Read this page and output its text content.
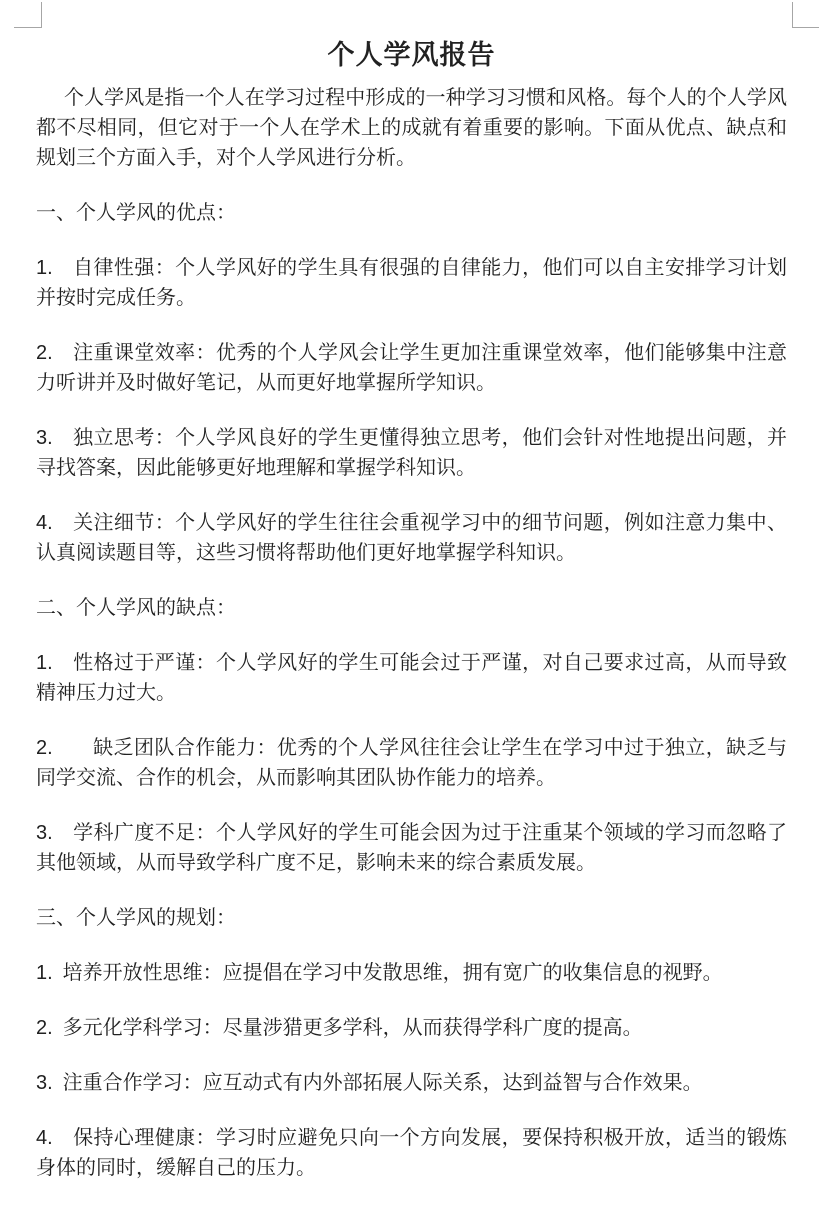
个人学风报告

个人学风是指一个人在学习过程中形成的一种学习习惯和风格。每个人的个人学风都不尽相同，但它对于一个人在学术上的成就有着重要的影响。下面从优点、缺点和规划三个方面入手，对个人学风进行分析。

一、个人学风的优点：

1.  自律性强：个人学风好的学生具有很强的自律能力，他们可以自主安排学习计划并按时完成任务。

2.  注重课堂效率：优秀的个人学风会让学生更加注重课堂效率，他们能够集中注意力听讲并及时做好笔记，从而更好地掌握所学知识。

3.  独立思考：个人学风良好的学生更懂得独立思考，他们会针对性地提出问题，并寻找答案，因此能够更好地理解和掌握学科知识。

4.  关注细节：个人学风好的学生往往会重视学习中的细节问题，例如注意力集中、认真阅读题目等，这些习惯将帮助他们更好地掌握学科知识。

二、个人学风的缺点：

1.  性格过于严谨：个人学风好的学生可能会过于严谨，对自己要求过高，从而导致精神压力过大。

2.    缺乏团队合作能力：优秀的个人学风往往会让学生在学习中过于独立，缺乏与同学交流、合作的机会，从而影响其团队协作能力的培养。

3.  学科广度不足：个人学风好的学生可能会因为过于注重某个领域的学习而忽略了其他领域，从而导致学科广度不足，影响未来的综合素质发展。

三、个人学风的规划：

1. 培养开放性思维：应提倡在学习中发散思维，拥有宽广的收集信息的视野。

2. 多元化学科学习：尽量涉猎更多学科，从而获得学科广度的提高。

3. 注重合作学习：应互动式有内外部拓展人际关系，达到益智与合作效果。

4.  保持心理健康：学习时应避免只向一个方向发展，要保持积极开放，适当的锻炼身体的同时，缓解自己的压力。
